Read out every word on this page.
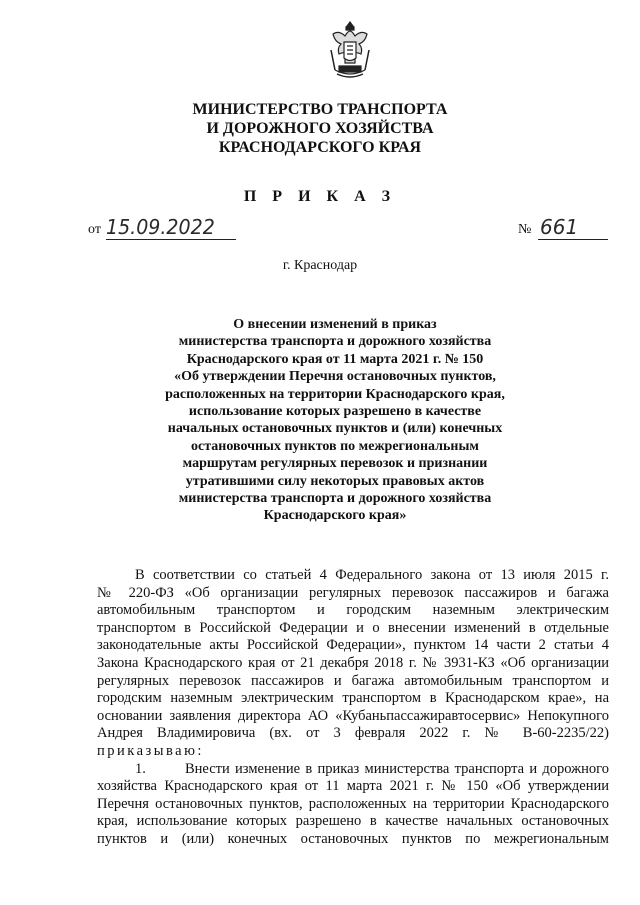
МИНИСТЕРСТВО ТРАНСПОРТА
И ДОРОЖНОГО ХОЗЯЙСТВА
КРАСНОДАРСКОГО КРАЯ
П Р И К А З
от 15.09.2022	№ 661
г. Краснодар
О внесении изменений в приказ
министерства транспорта и дорожного хозяйства
Краснодарского края от 11 марта 2021 г. № 150
«Об утверждении Перечня остановочных пунктов,
расположенных на территории Краснодарского края,
использование которых разрешено в качестве
начальных остановочных пунктов и (или) конечных
остановочных пунктов по межрегиональным
маршрутам регулярных перевозок и признании
утратившими силу некоторых правовых актов
министерства транспорта и дорожного хозяйства
Краснодарского края»
В соответствии со статьей 4 Федерального закона от 13 июля 2015 г.
№ 220-ФЗ «Об организации регулярных перевозок пассажиров и багажа
автомобильным транспортом и городским наземным электрическим
транспортом в Российской Федерации и о внесении изменений в отдельные
законодательные акты Российской Федерации», пунктом 14 части 2 статьи 4
Закона Краснодарского края от 21 декабря 2018 г. № 3931-КЗ «Об организации
регулярных перевозок пассажиров и багажа автомобильным транспортом и
городским наземным электрическим транспортом в Краснодарском крае», на
основании заявления директора АО «Кубаньпассажиравтосервис» Непокупного
Андрея Владимировича (вх. от 3 февраля 2022 г. № В-60-2235/22)
приказываю:
1.	Внести изменение в приказ министерства транспорта и дорожного
хозяйства Краснодарского края от 11 марта 2021 г. № 150 «Об утверждении
Перечня остановочных пунктов, расположенных на территории Краснодарского
края, использование которых разрешено в качестве начальных остановочных
пунктов и (или) конечных остановочных пунктов по межрегиональным
